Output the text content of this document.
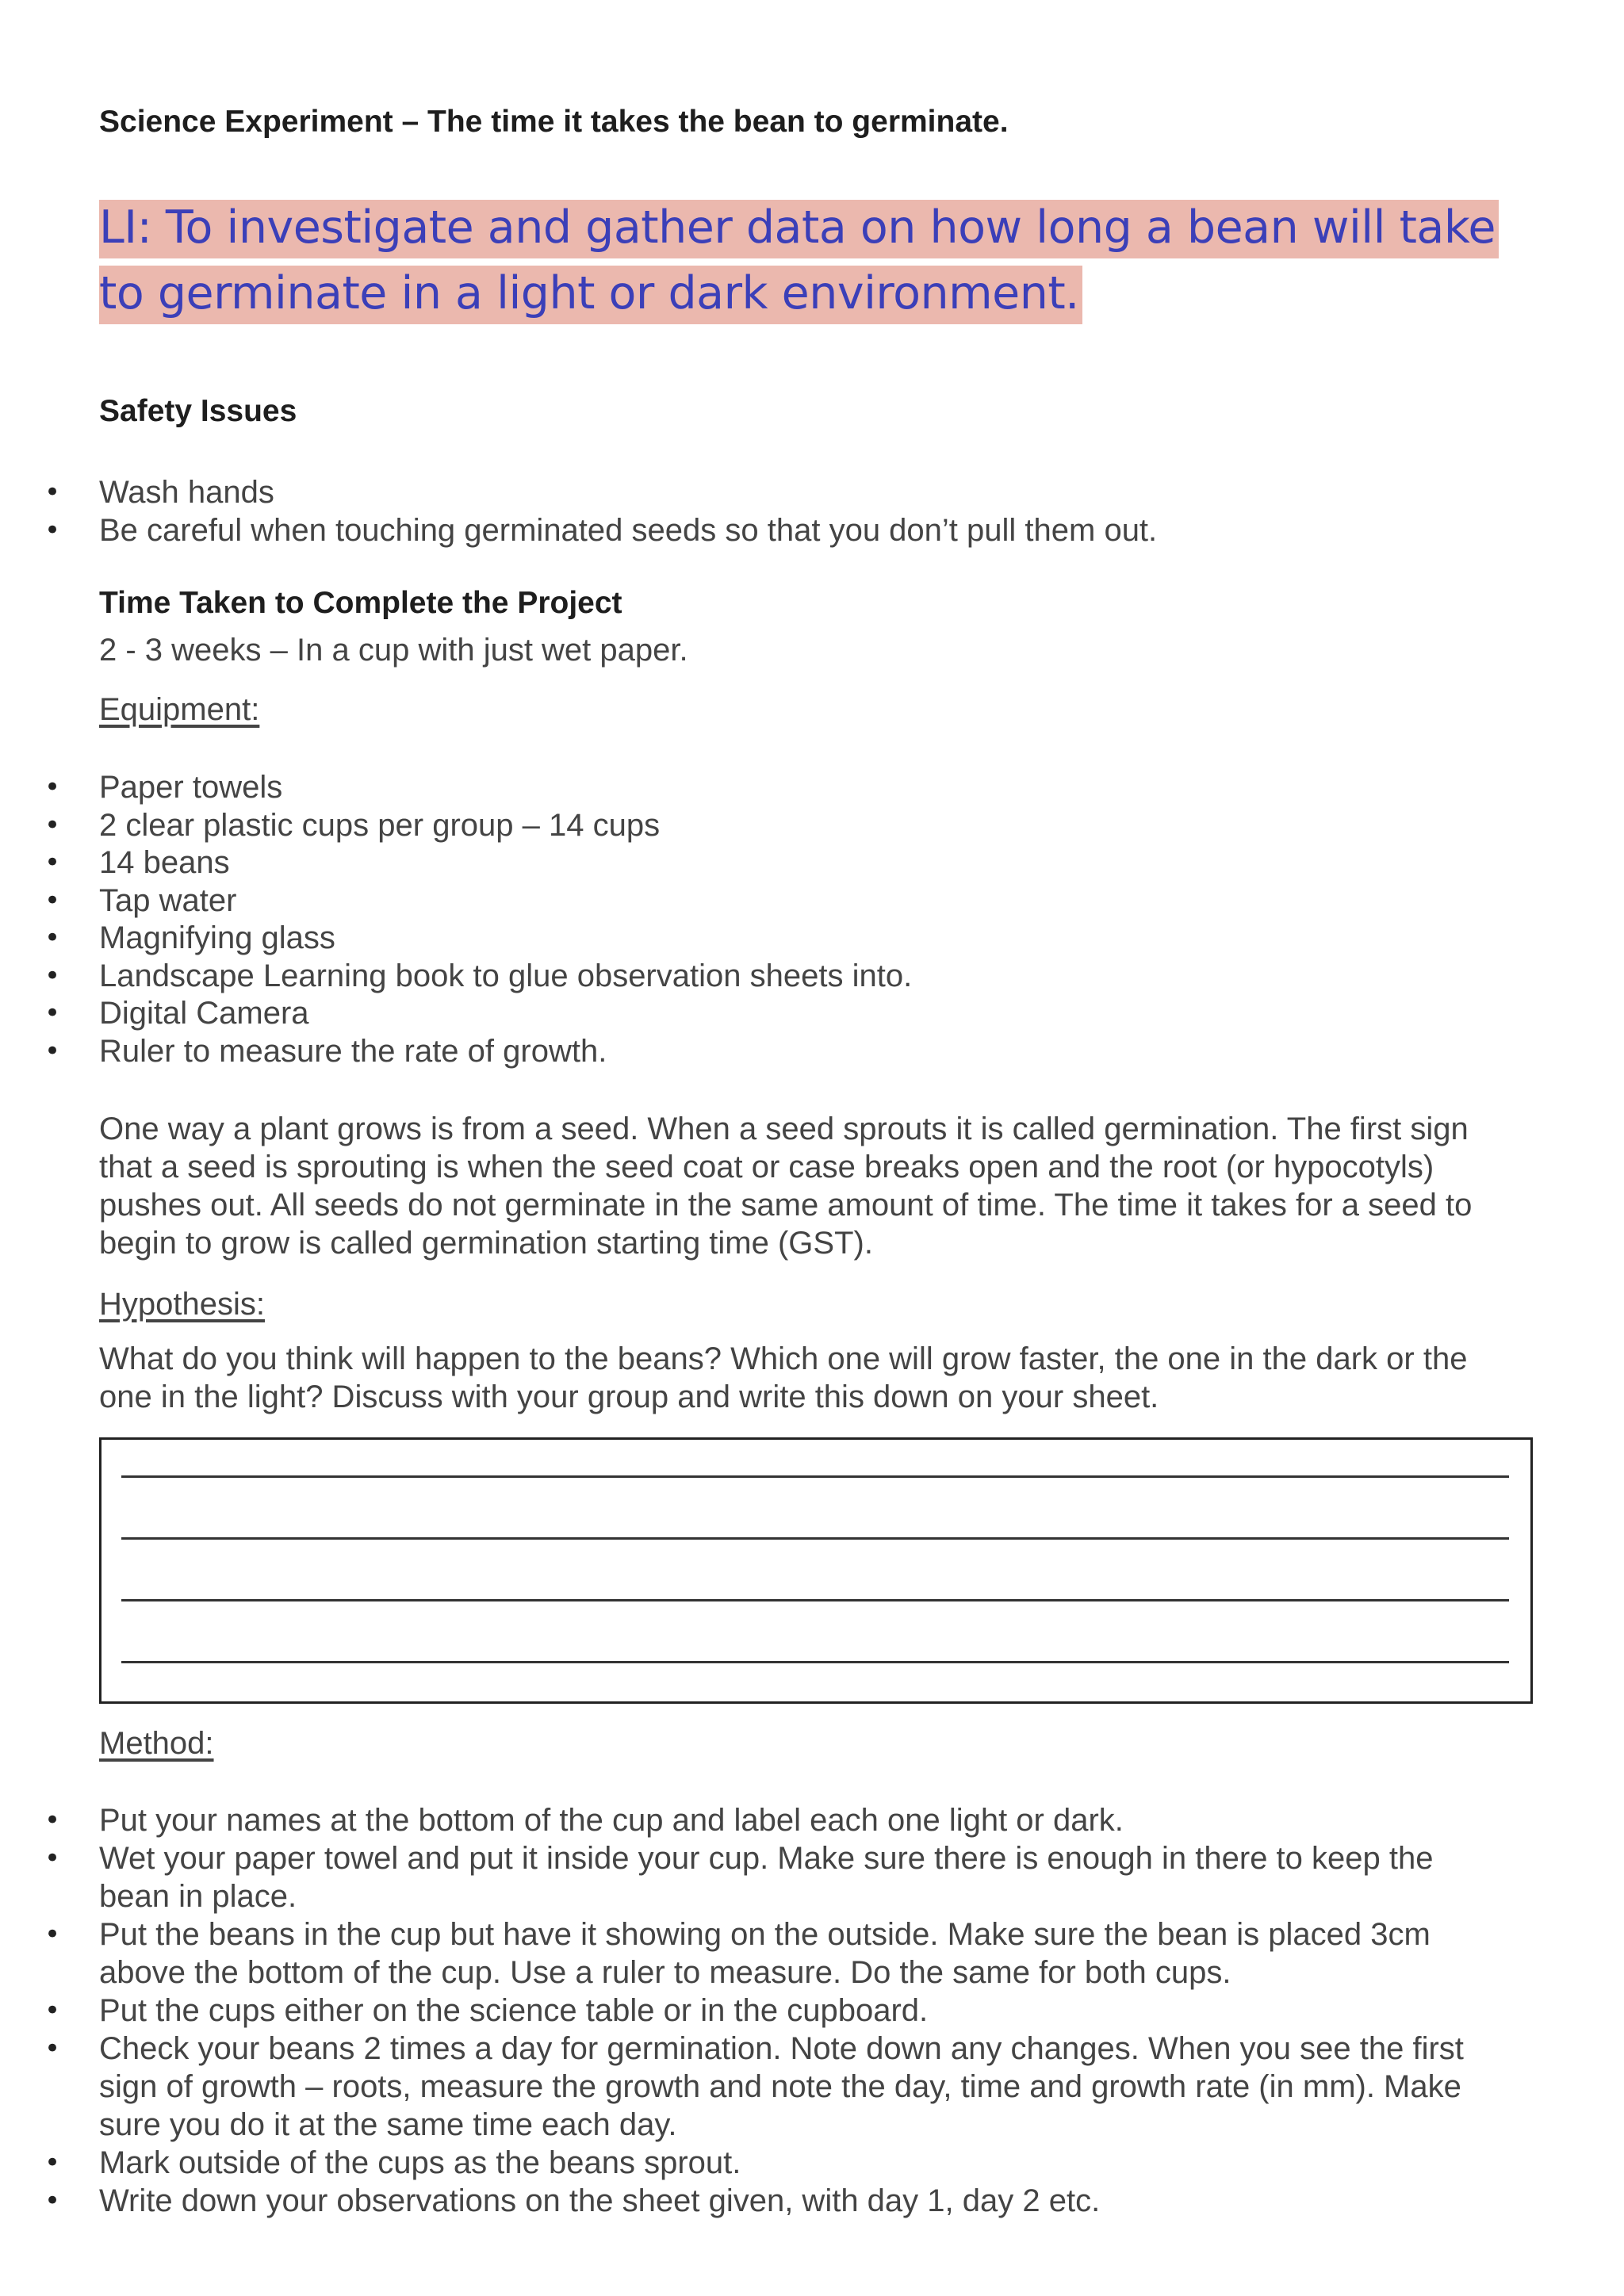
Science Experiment – The time it takes the bean to germinate.
LI: To investigate and gather data on how long a bean will take
to germinate in a light or dark environment.
Safety Issues
• Wash hands
• Be careful when touching germinated seeds so that you don’t pull them out.
Time Taken to Complete the Project
2 - 3 weeks – In a cup with just wet paper.
Equipment:
• Paper towels
• 2 clear plastic cups per group – 14 cups
• 14 beans
• Tap water
• Magnifying glass
• Landscape Learning book to glue observation sheets into.
• Digital Camera
• Ruler to measure the rate of growth.
One way a plant grows is from a seed. When a seed sprouts it is called germination. The first sign
that a seed is sprouting is when the seed coat or case breaks open and the root (or hypocotyls)
pushes out. All seeds do not germinate in the same amount of time. The time it takes for a seed to
begin to grow is called germination starting time (GST).
Hypothesis:
What do you think will happen to the beans? Which one will grow faster, the one in the dark or the
one in the light? Discuss with your group and write this down on your sheet.
Method:
• Put your names at the bottom of the cup and label each one light or dark.
• Wet your paper towel and put it inside your cup. Make sure there is enough in there to keep the
bean in place.
• Put the beans in the cup but have it showing on the outside. Make sure the bean is placed 3cm
above the bottom of the cup. Use a ruler to measure. Do the same for both cups.
• Put the cups either on the science table or in the cupboard.
• Check your beans 2 times a day for germination. Note down any changes. When you see the first
sign of growth – roots, measure the growth and note the day, time and growth rate (in mm). Make
sure you do it at the same time each day.
• Mark outside of the cups as the beans sprout.
• Write down your observations on the sheet given, with day 1, day 2 etc.
